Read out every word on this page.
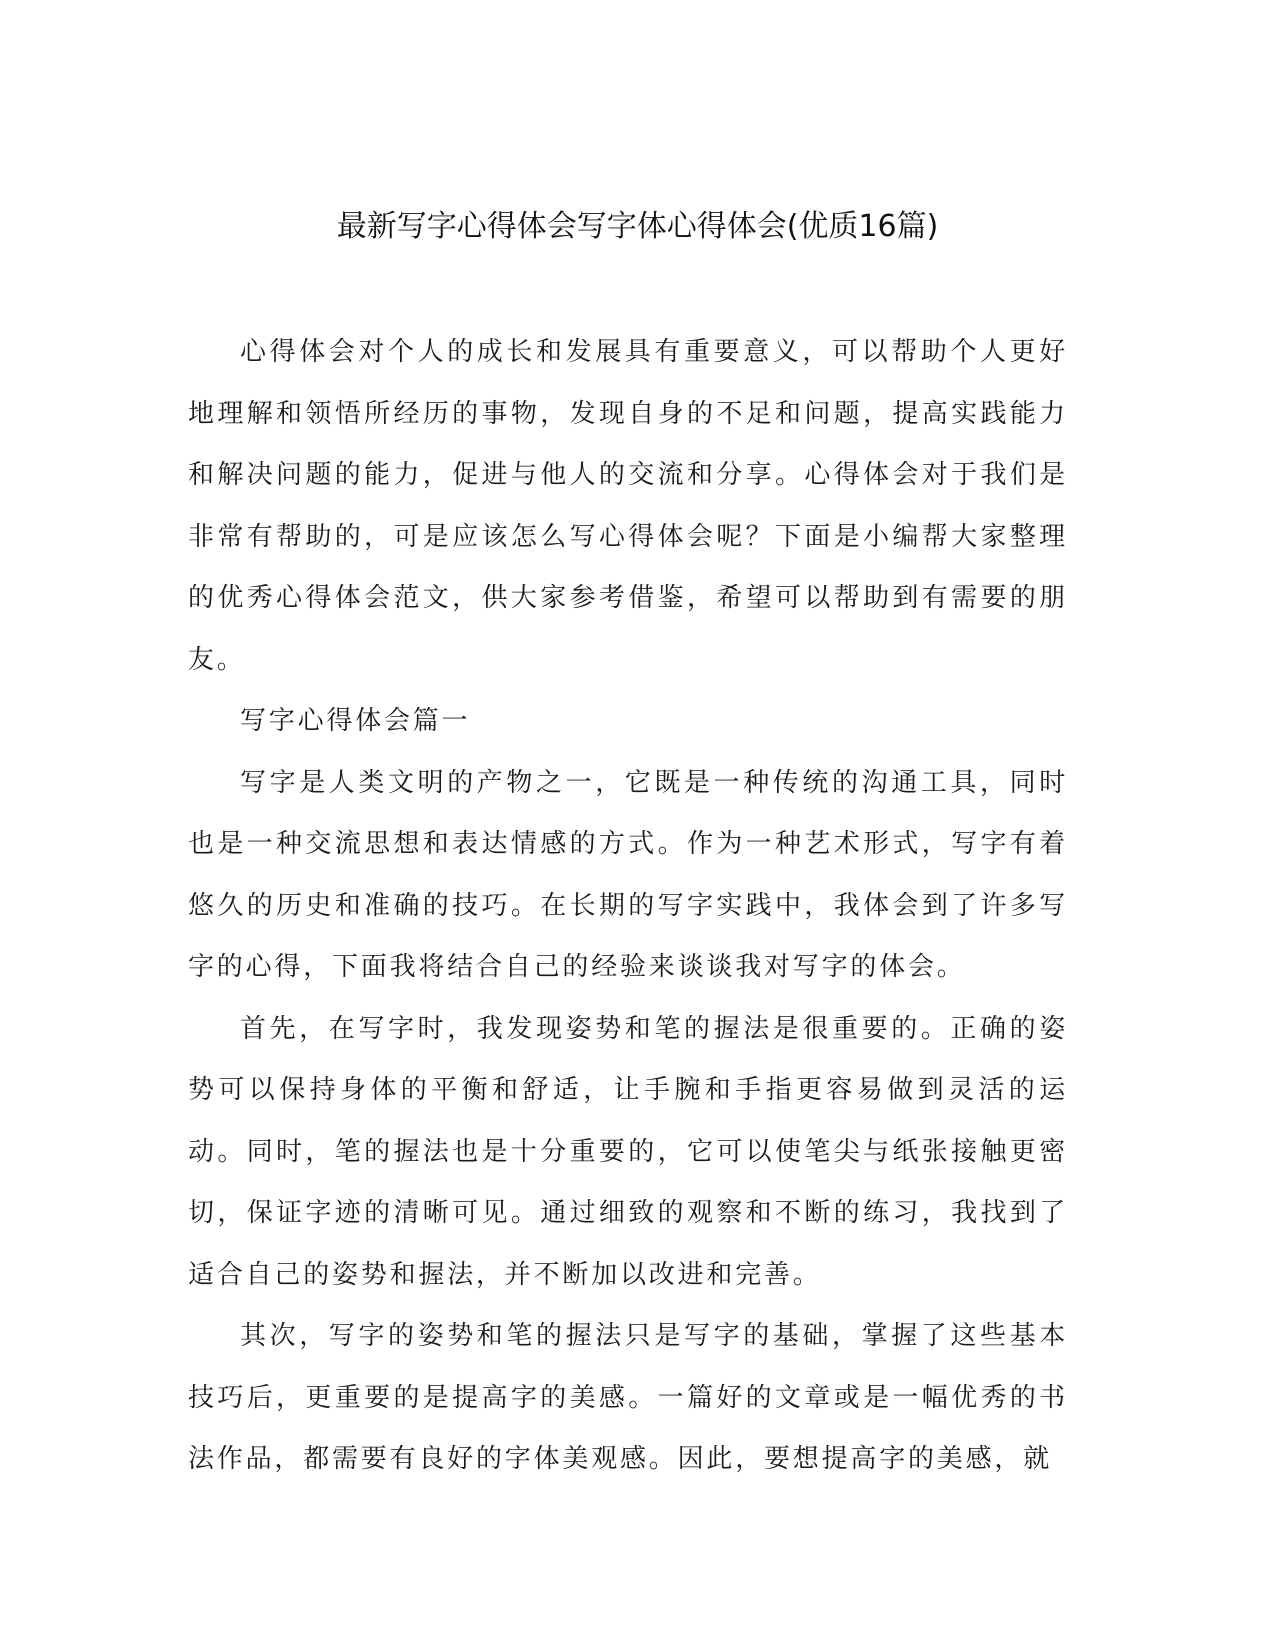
最新写字心得体会写字体心得体会(优质16篇)

心得体会对个人的成长和发展具有重要意义，可以帮助个人更好地理解和领悟所经历的事物，发现自身的不足和问题，提高实践能力和解决问题的能力，促进与他人的交流和分享。心得体会对于我们是非常有帮助的，可是应该怎么写心得体会呢？下面是小编帮大家整理的优秀心得体会范文，供大家参考借鉴，希望可以帮助到有需要的朋友。

写字心得体会篇一

写字是人类文明的产物之一，它既是一种传统的沟通工具，同时也是一种交流思想和表达情感的方式。作为一种艺术形式，写字有着悠久的历史和准确的技巧。在长期的写字实践中，我体会到了许多写字的心得，下面我将结合自己的经验来谈谈我对写字的体会。

首先，在写字时，我发现姿势和笔的握法是很重要的。正确的姿势可以保持身体的平衡和舒适，让手腕和手指更容易做到灵活的运动。同时，笔的握法也是十分重要的，它可以使笔尖与纸张接触更密切，保证字迹的清晰可见。通过细致的观察和不断的练习，我找到了适合自己的姿势和握法，并不断加以改进和完善。

其次，写字的姿势和笔的握法只是写字的基础，掌握了这些基本技巧后，更重要的是提高字的美感。一篇好的文章或是一幅优秀的书法作品，都需要有良好的字体美观感。因此，要想提高字的美感，就
